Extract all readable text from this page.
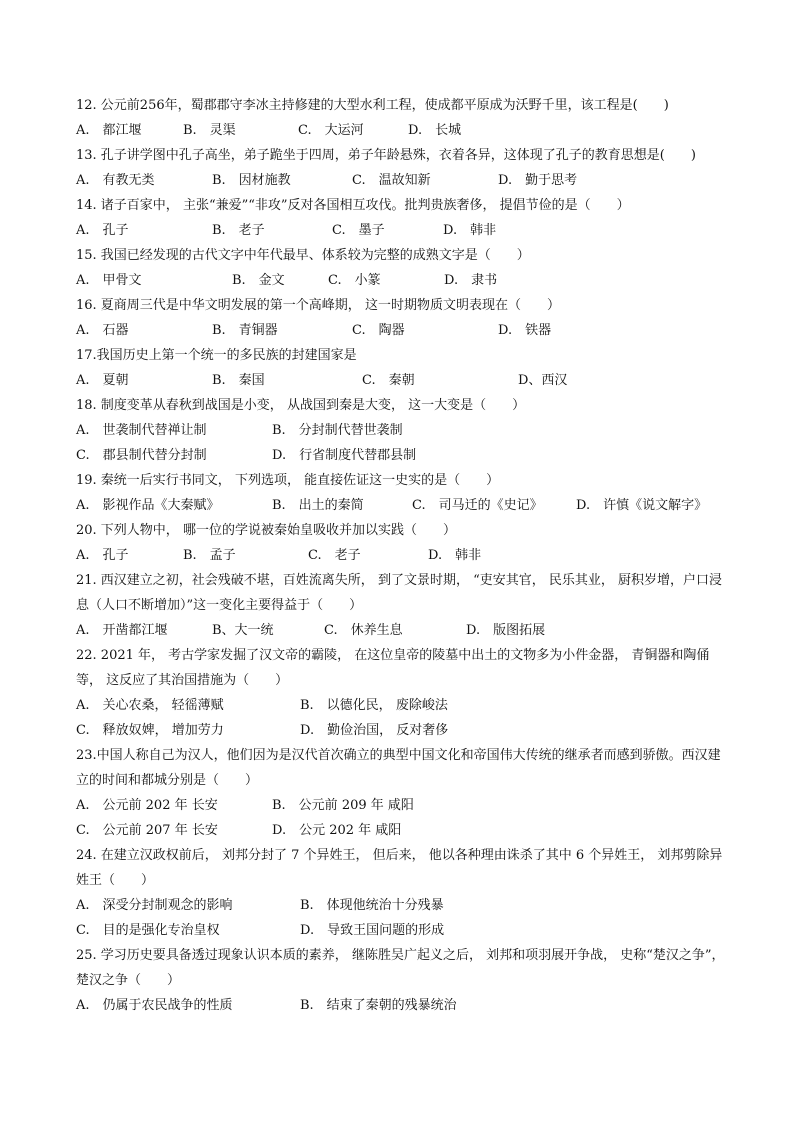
12. 公元前256年，蜀郡郡守李冰主持修建的大型水利工程，使成都平原成为沃野千里，该工程是(　　)
A.　都江堰	B.　灵渠	C.　大运河	D.　长城
13. 孔子讲学图中孔子高坐，弟子跪坐于四周，弟子年龄悬殊，衣着各异，这体现了孔子的教育思想是(　　)
A.　有教无类	B.　因材施教	C.　温故知新	D.　勤于思考
14. 诸子百家中， 主张“兼爱”“非攻”反对各国相互攻伐。批判贵族奢侈， 提倡节俭的是（　　）
A.　孔子	B.　老子	C.　墨子	D.　韩非
15. 我国已经发现的古代文字中年代最早、体系较为完整的成熟文字是（　　）
A.　甲骨文	B.　金文	C.　小篆	D.　隶书
16. 夏商周三代是中华文明发展的第一个高峰期， 这一时期物质文明表现在（　　）
A.　石器	B.　青铜器	C.　陶器	D.　铁器
17.我国历史上第一个统一的多民族的封建国家是
A.　夏朝	B.　秦国	C.　秦朝	D、西汉
18. 制度变革从春秋到战国是小变， 从战国到秦是大变， 这一大变是（　　）
A.　世袭制代替禅让制	B.　分封制代替世袭制
C.　郡县制代替分封制	D.　行省制度代替郡县制
19. 秦统一后实行书同文， 下列选项， 能直接佐证这一史实的是（　　）
A.　影视作品《大秦赋》	B.　出土的秦简	C.　司马迁的《史记》	D.　许慎《说文解字》
20. 下列人物中， 哪一位的学说被秦始皇吸收并加以实践（　　）
A.　孔子	B.　孟子	C.　老子	D.　韩非
21. 西汉建立之初，社会残破不堪，百姓流离失所， 到了文景时期， “吏安其官， 民乐其业， 厨积岁增，户口浸息（人口不断增加）”这一变化主要得益于（　　）
A.　开凿都江堰	B、大一统	C.　休养生息	D.　版图拓展
22. 2021 年， 考古学家发掘了汉文帝的霸陵， 在这位皇帝的陵墓中出土的文物多为小件金器， 青铜器和陶俑等， 这反应了其治国措施为（　　）
A.　关心农桑， 轻徭薄赋	B.　以德化民， 废除峻法
C.　释放奴婢， 增加劳力	D.　勤俭治国， 反对奢侈
23.中国人称自己为汉人，他们因为是汉代首次确立的典型中国文化和帝国伟大传统的继承者而感到骄傲。西汉建立的时间和都城分别是（　　）
A.　公元前 202 年 长安	B.　公元前 209 年 咸阳
C.　公元前 207 年 长安	D.　公元 202 年 咸阳
24. 在建立汉政权前后， 刘邦分封了 7 个异姓王， 但后来， 他以各种理由诛杀了其中 6 个异姓王， 刘邦剪除异姓王（　　）
A.　深受分封制观念的影响	B.　体现他统治十分残暴
C.　目的是强化专治皇权	D.　导致王国问题的形成
25. 学习历史要具备透过现象认识本质的素养， 继陈胜吴广起义之后， 刘邦和项羽展开争战， 史称“楚汉之争”， 楚汉之争（　　）
A.　仍属于农民战争的性质	B.　结束了秦朝的残暴统治
